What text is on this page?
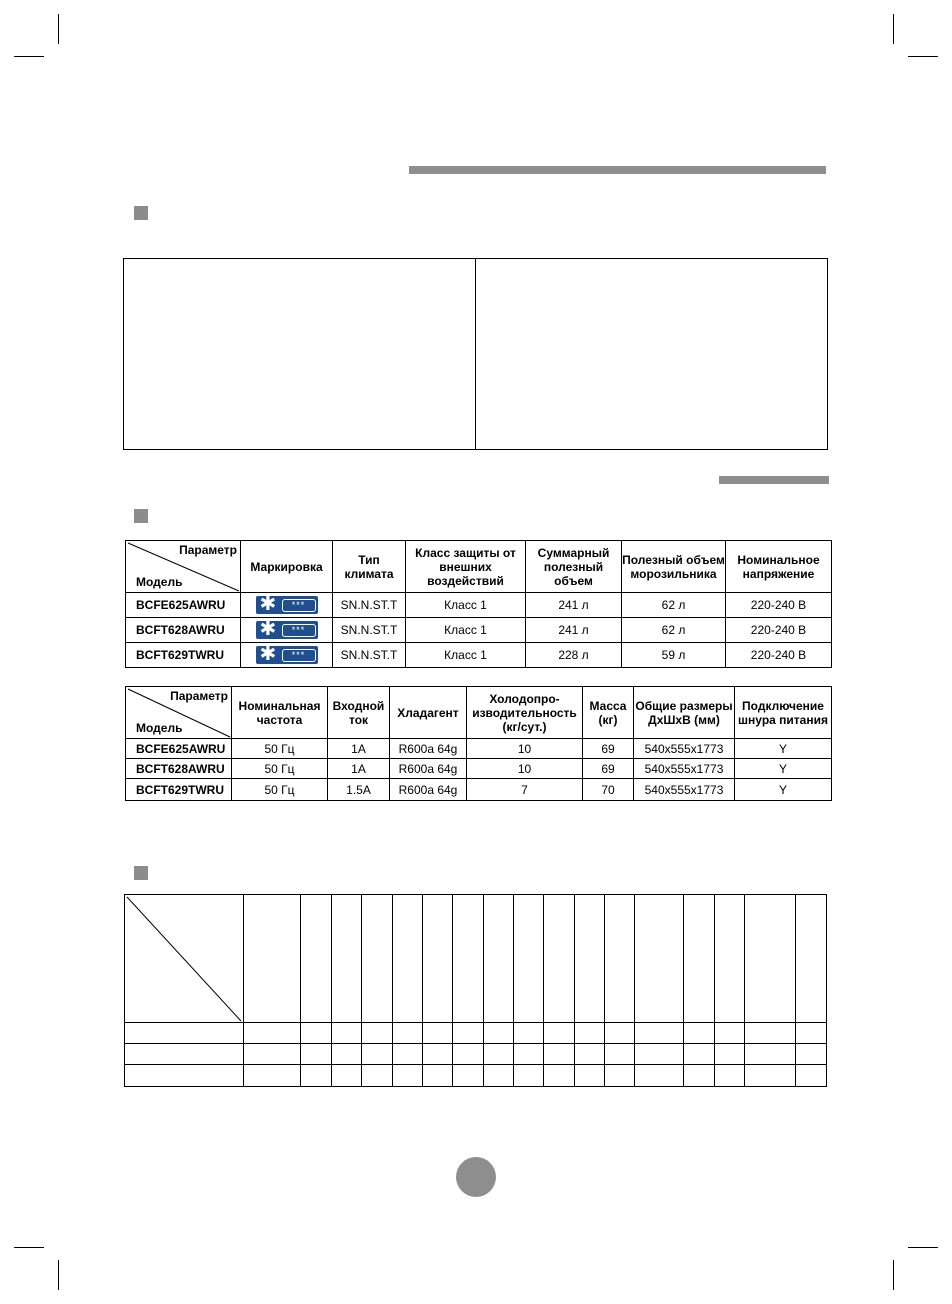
Параметр
Модель	Маркировка	Тип климата	Класс защиты от внешних воздействий	Суммарный полезный объем	Полезный объем морозильника	Номинальное напряжение
BCFE625AWRU	✱ ***	SN.N.ST.T	Класс 1	241 л	62 л	220-240 В
BCFT628AWRU	✱ ***	SN.N.ST.T	Класс 1	241 л	62 л	220-240 В
BCFT629TWRU	✱ ***	SN.N.ST.T	Класс 1	228 л	59 л	220-240 В
Параметр
Модель	Номинальная частота	Входной ток	Хладагент	Холодопро-изводительность (кг/сут.)	Масса (кг)	Общие размеры ДхШхВ (мм)	Подключение шнура питания
BCFE625AWRU	50 Гц	1A	R600a 64g	10	69	540x555x1773	Y
BCFT628AWRU	50 Гц	1A	R600a 64g	10	69	540x555x1773	Y
BCFT629TWRU	50 Гц	1.5A	R600a 64g	7	70	540x555x1773	Y
